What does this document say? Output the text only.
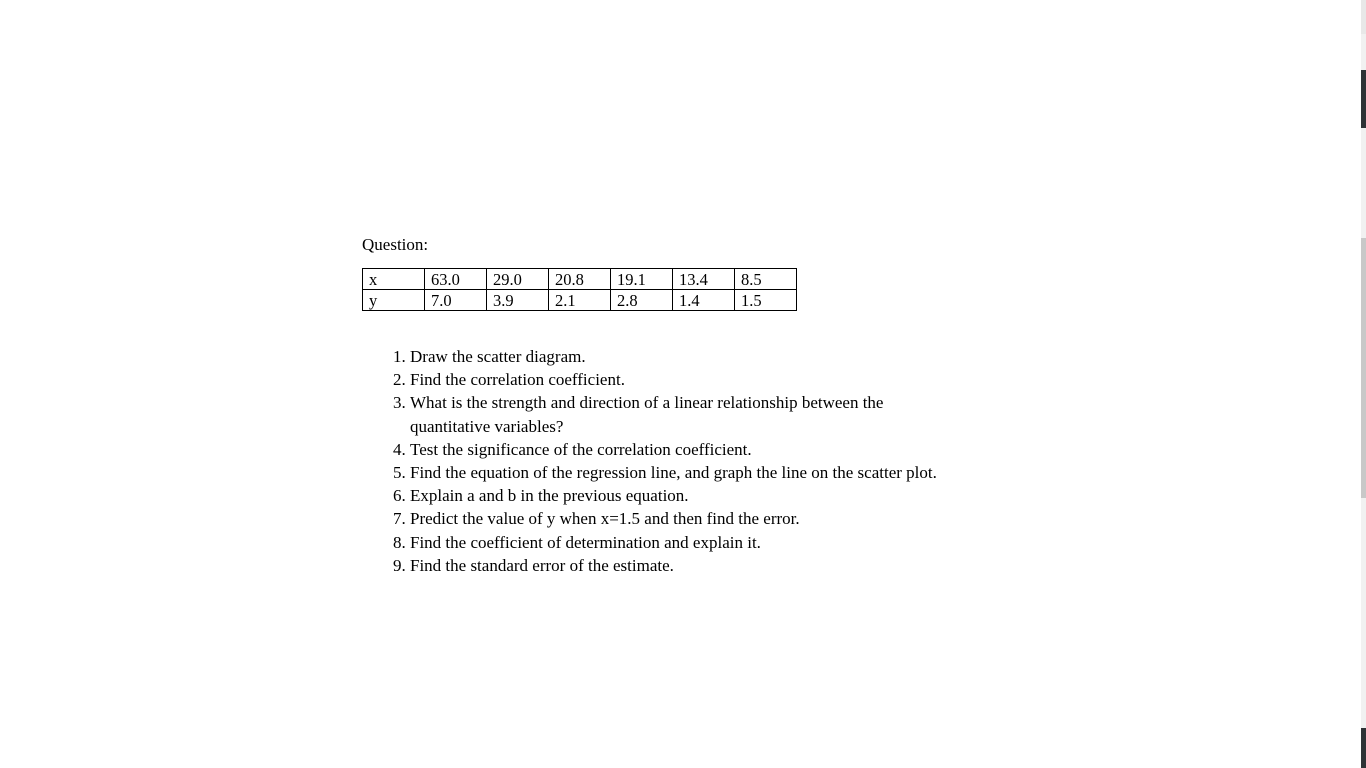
Question:
x	63.0	29.0	20.8	19.1	13.4	8.5
y	7.0	3.9	2.1	2.8	1.4	1.5
1. Draw the scatter diagram.
2. Find the correlation coefficient.
3. What is the strength and direction of a linear relationship between the quantitative variables?
4. Test the significance of the correlation coefficient.
5. Find the equation of the regression line, and graph the line on the scatter plot.
6. Explain a and b in the previous equation.
7. Predict the value of y when x=1.5 and then find the error.
8. Find the coefficient of determination and explain it.
9. Find the standard error of the estimate.
